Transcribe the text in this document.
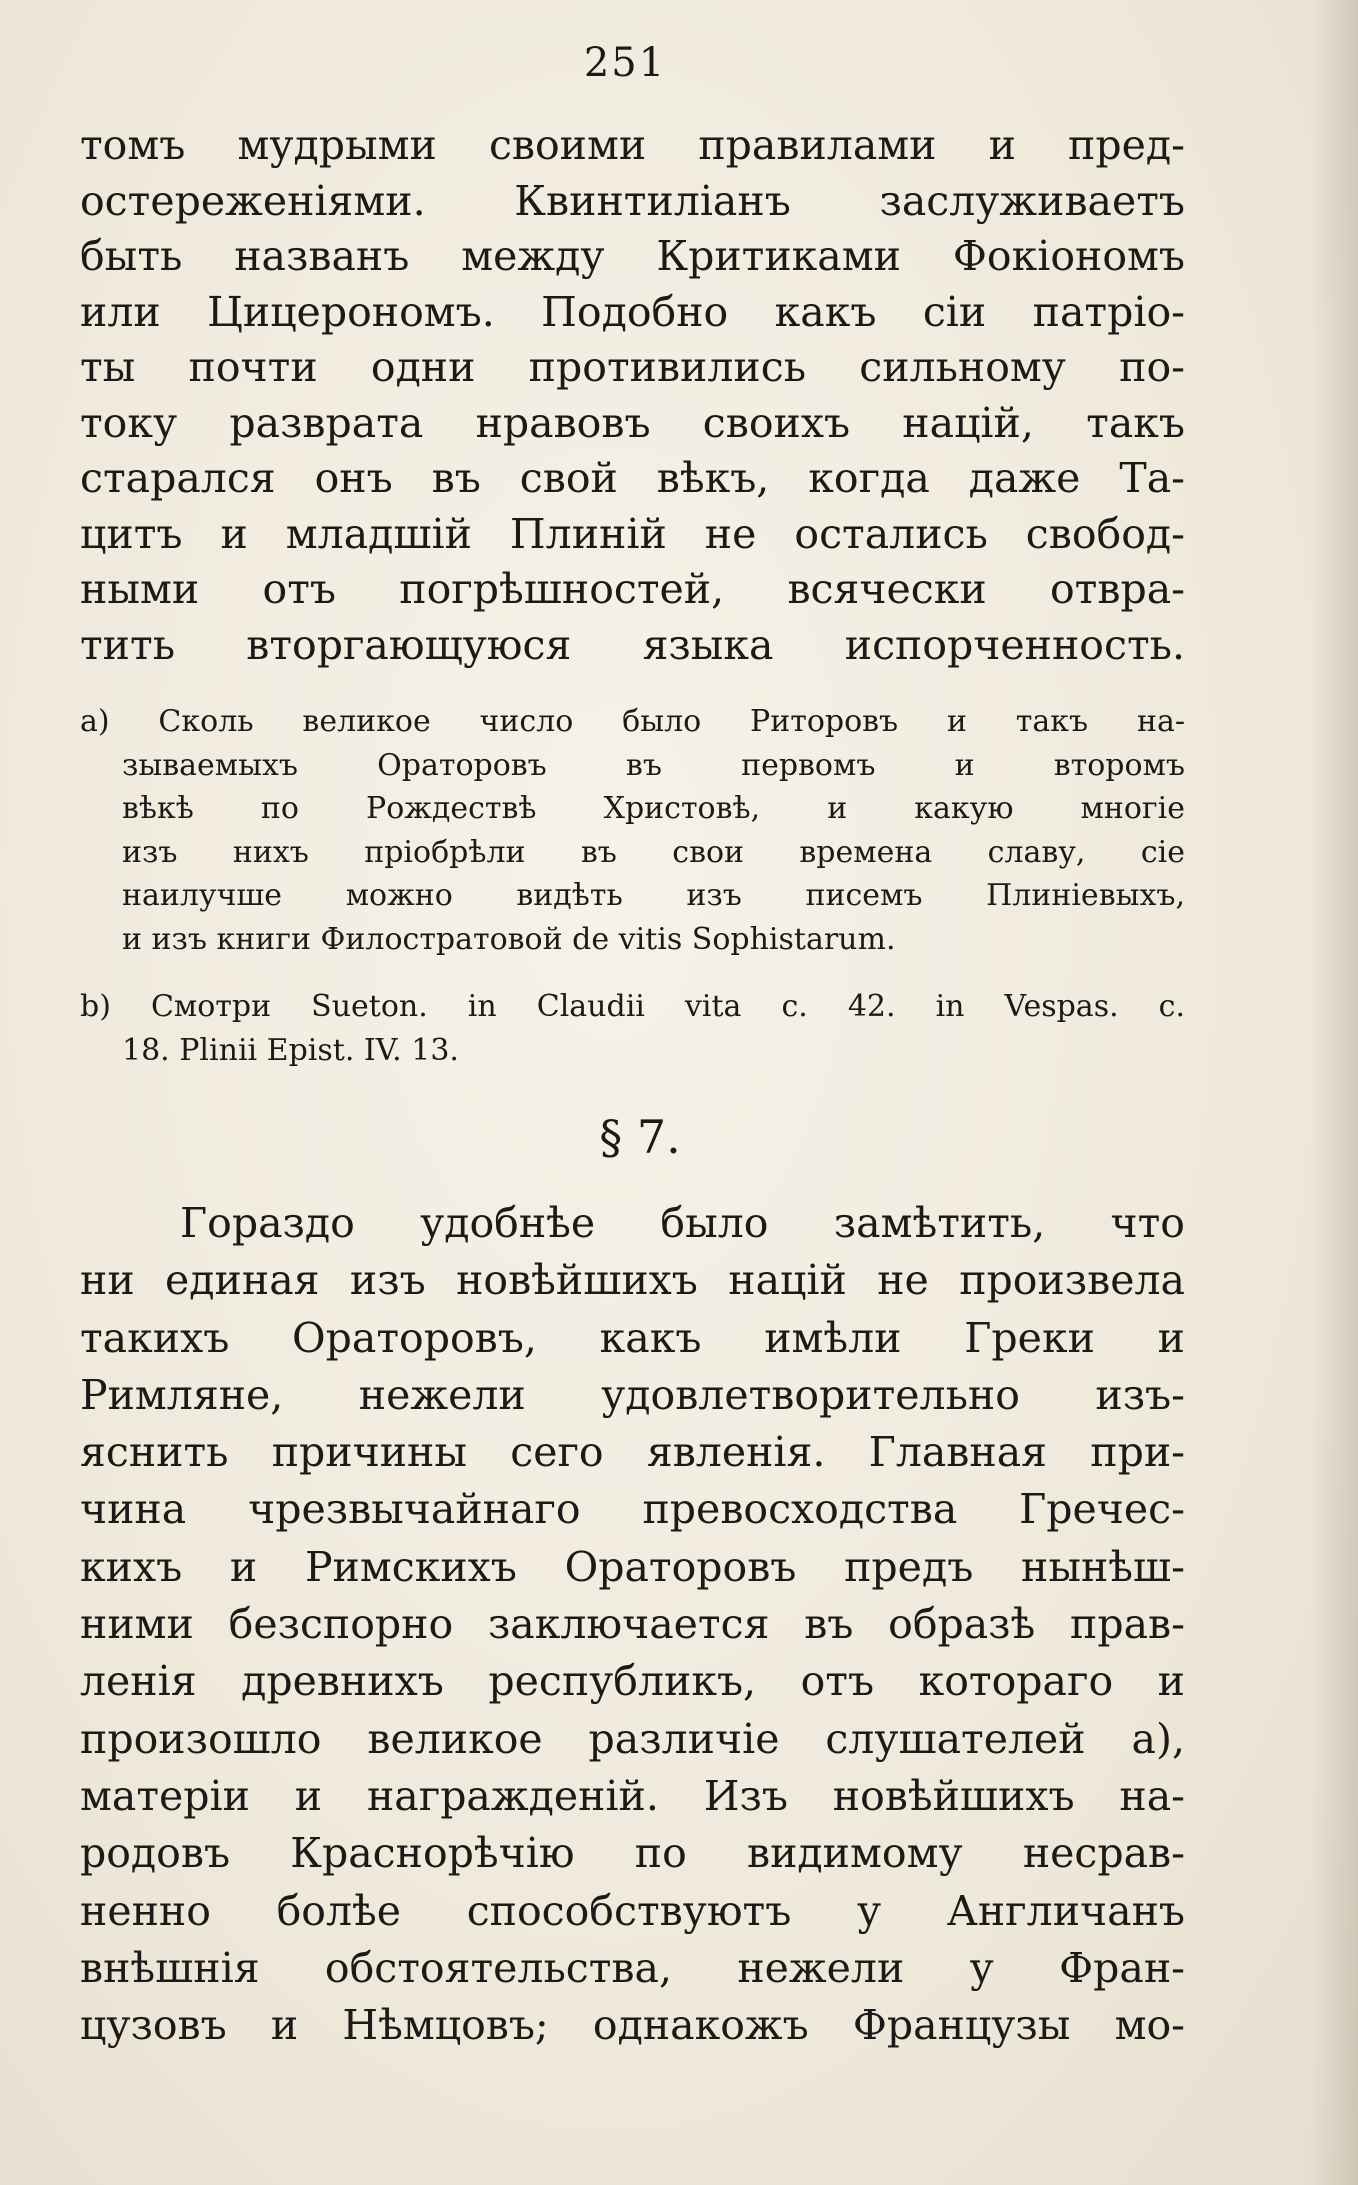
251
томъ мудрыми своими правилами и пред-
остереженіями. Квинтиліанъ заслуживаетъ
быть названъ между Критиками Фокіономъ
или Цицерономъ. Подобно какъ сіи патріо-
ты почти одни противились сильному по-
току разврата нравовъ своихъ націй, такъ
старался онъ въ свой вѣкъ, когда даже Та-
цитъ и младшій Плиній не остались свобод-
ными отъ погрѣшностей, всячески отвра-
тить вторгающуюся языка испорченность.
a) Сколь великое число было Риторовъ и такъ на-
зываемыхъ Ораторовъ въ первомъ и второмъ
вѣкѣ по Рождествѣ Христовѣ, и какую многіе
изъ нихъ пріобрѣли въ свои времена славу, сіе
наилучше можно видѣть изъ писемъ Плиніевыхъ,
и изъ книги Филостратовой de vitis Sophistarum.
b) Смотри Sueton. in Claudii vita c. 42. in Vespas. c.
18. Plinii Epist. IV. 13.
§ 7.
Гораздо удобнѣе было замѣтить, что
ни единая изъ новѣйшихъ націй не произвела
такихъ Ораторовъ, какъ имѣли Греки и
Римляне, нежели удовлетворительно изъ-
яснить причины сего явленія. Главная при-
чина чрезвычайнаго превосходства Гречес-
кихъ и Римскихъ Ораторовъ предъ нынѣш-
ними безспорно заключается въ образѣ прав-
ленія древнихъ республикъ, отъ котораго и
произошло великое различіе слушателей a),
матеріи и награжденій. Изъ новѣйшихъ на-
родовъ Краснорѣчію по видимому несрав-
ненно болѣе способствуютъ у Англичанъ
внѣшнія обстоятельства, нежели у Фран-
цузовъ и Нѣмцовъ; однакожъ Французы мо-
